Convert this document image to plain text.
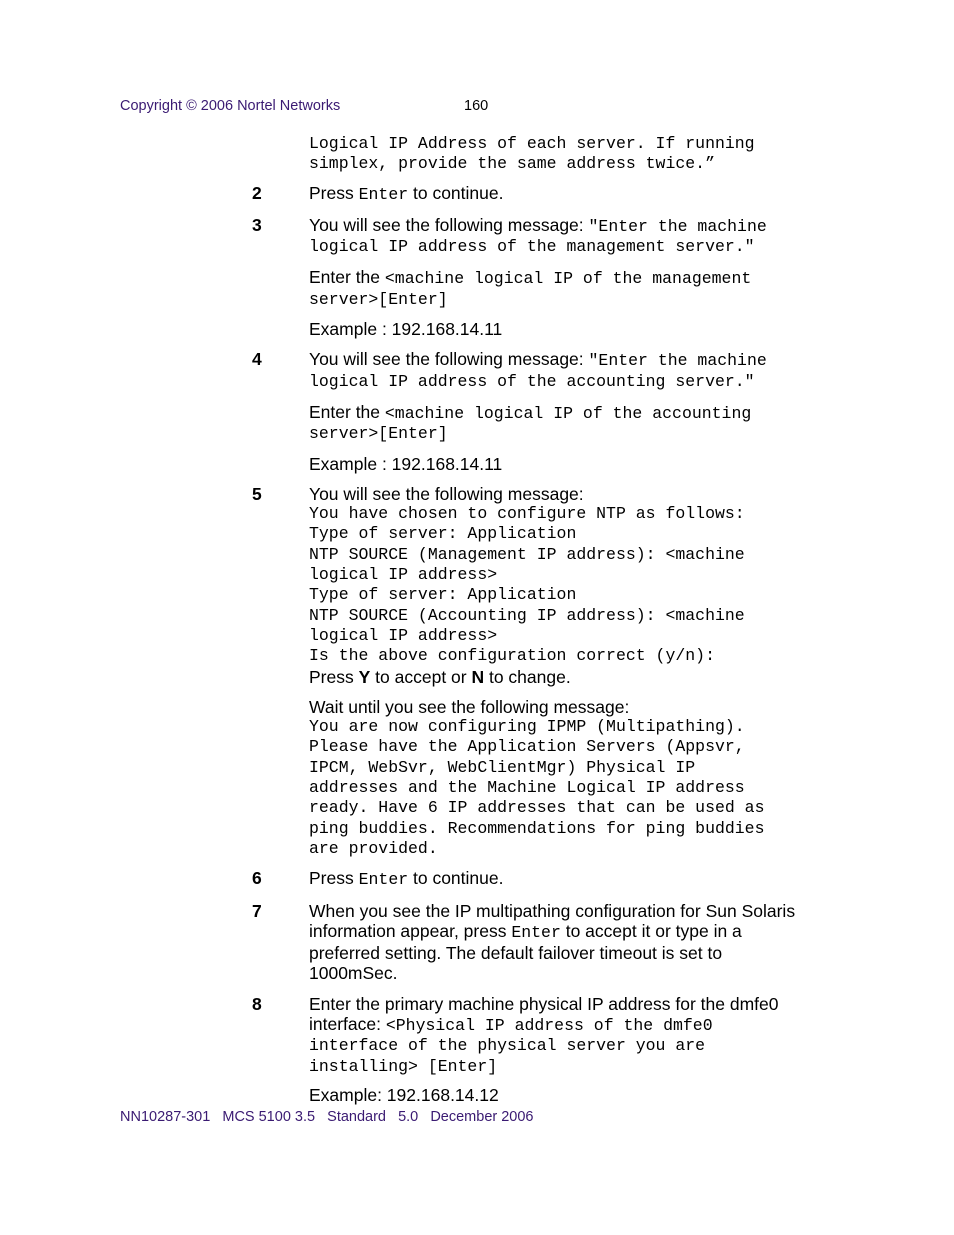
Copyright © 2006 Nortel Networks	160
Logical IP Address of each server. If running
simplex, provide the same address twice.”
2	Press Enter to continue.
3	You will see the following message: "Enter the machine
logical IP address of the management server."
Enter the <machine logical IP of the management
server>[Enter]
Example : 192.168.14.11
4	You will see the following message: "Enter the machine
logical IP address of the accounting server."
Enter the <machine logical IP of the accounting
server>[Enter]
Example : 192.168.14.11
5	You will see the following message:
You have chosen to configure NTP as follows:
Type of server: Application
NTP SOURCE (Management IP address): <machine
logical IP address>
Type of server: Application
NTP SOURCE (Accounting IP address): <machine
logical IP address>
Is the above configuration correct (y/n):
Press Y to accept or N to change.
Wait until you see the following message:
You are now configuring IPMP (Multipathing).
Please have the Application Servers (Appsvr,
IPCM, WebSvr, WebClientMgr) Physical IP
addresses and the Machine Logical IP address
ready. Have 6 IP addresses that can be used as
ping buddies. Recommendations for ping buddies
are provided.
6	Press Enter to continue.
7	When you see the IP multipathing configuration for Sun Solaris
information appear, press Enter to accept it or type in a
preferred setting. The default failover timeout is set to
1000mSec.
8	Enter the primary machine physical IP address for the dmfe0
interface: <Physical IP address of the dmfe0
interface of the physical server you are
installing> [Enter]
Example: 192.168.14.12
NN10287-301   MCS 5100 3.5   Standard   5.0   December 2006
